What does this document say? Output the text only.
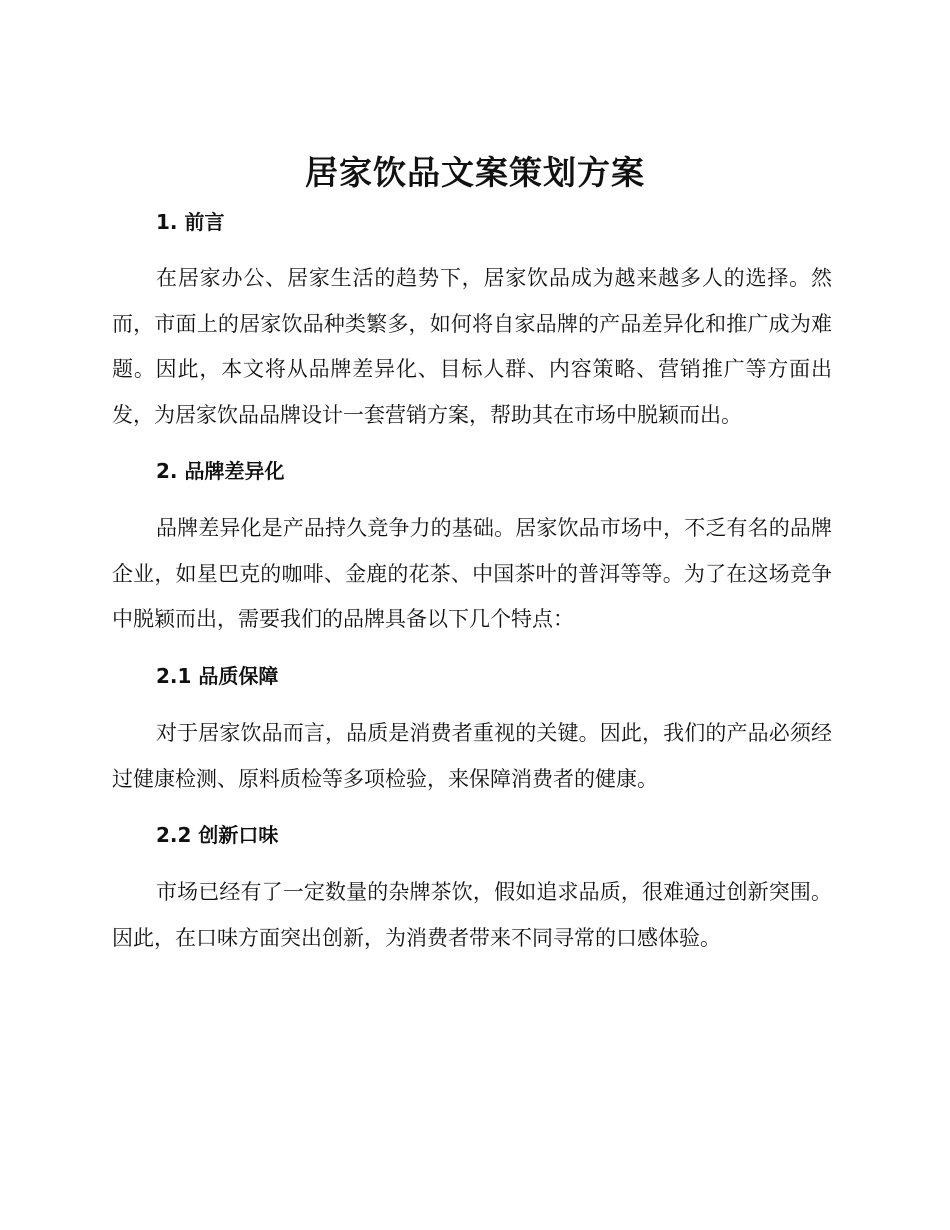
居家饮品文案策划方案
1. 前言

在居家办公、居家生活的趋势下，居家饮品成为越来越多人的选择。然而，市面上的居家饮品种类繁多，如何将自家品牌的产品差异化和推广成为难题。因此，本文将从品牌差异化、目标人群、内容策略、营销推广等方面出发，为居家饮品品牌设计一套营销方案，帮助其在市场中脱颖而出。

2. 品牌差异化

品牌差异化是产品持久竞争力的基础。居家饮品市场中，不乏有名的品牌企业，如星巴克的咖啡、金鹿的花茶、中国茶叶的普洱等等。为了在这场竞争中脱颖而出，需要我们的品牌具备以下几个特点：

2.1 品质保障

对于居家饮品而言，品质是消费者重视的关键。因此，我们的产品必须经过健康检测、原料质检等多项检验，来保障消费者的健康。

2.2 创新口味

市场已经有了一定数量的杂牌茶饮，假如追求品质，很难通过创新突围。因此，在口味方面突出创新，为消费者带来不同寻常的口感体验。
